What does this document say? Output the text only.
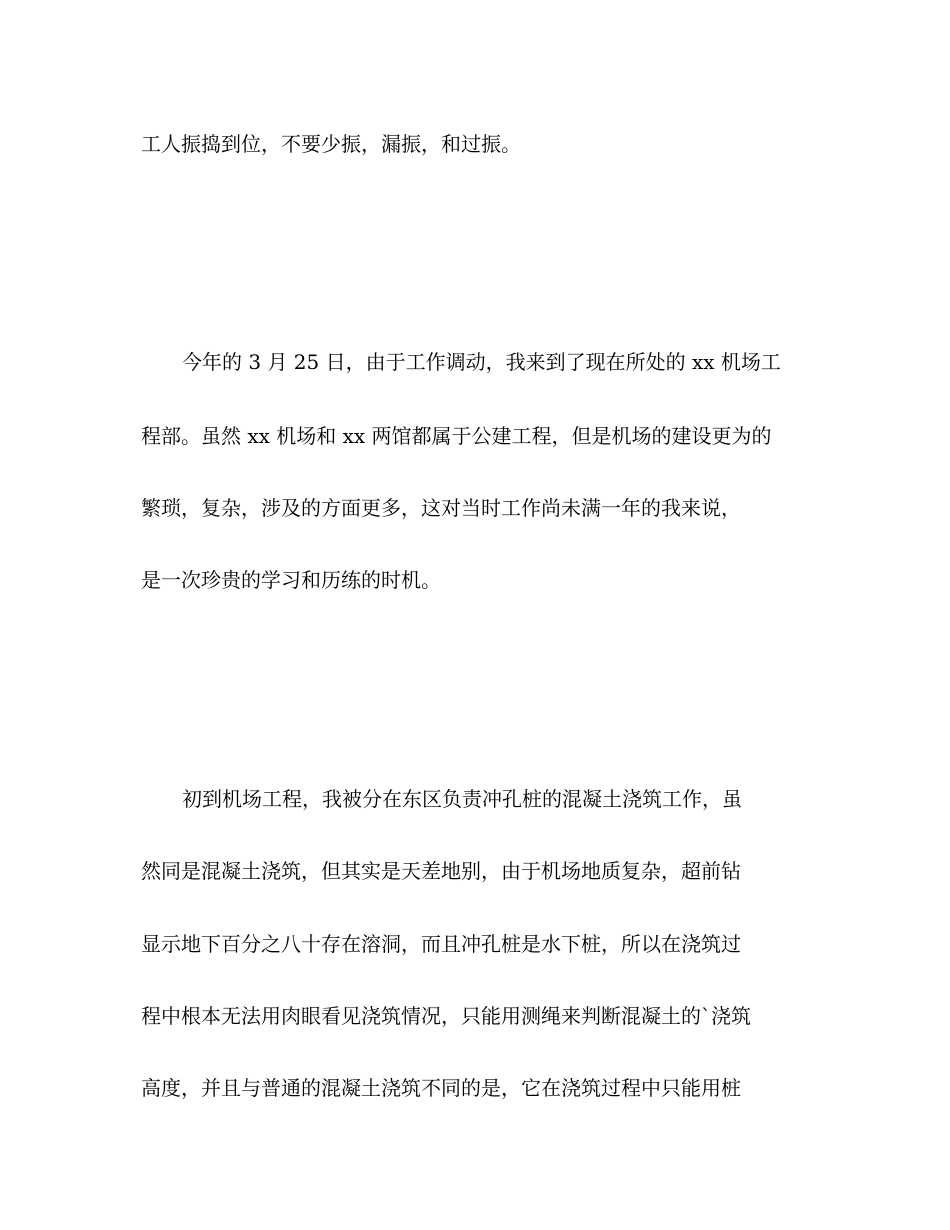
工人振捣到位，不要少振，漏振，和过振。

今年的 3 月 25 日，由于工作调动，我来到了现在所处的 xx 机场工

程部。虽然 xx 机场和 xx 两馆都属于公建工程，但是机场的建设更为的

繁琐，复杂，涉及的方面更多，这对当时工作尚未满一年的我来说，

是一次珍贵的学习和历练的时机。

初到机场工程，我被分在东区负责冲孔桩的混凝土浇筑工作，虽

然同是混凝土浇筑，但其实是天差地别，由于机场地质复杂，超前钻

显示地下百分之八十存在溶洞，而且冲孔桩是水下桩，所以在浇筑过

程中根本无法用肉眼看见浇筑情况，只能用测绳来判断混凝土的`浇筑

高度，并且与普通的混凝土浇筑不同的是，它在浇筑过程中只能用桩
